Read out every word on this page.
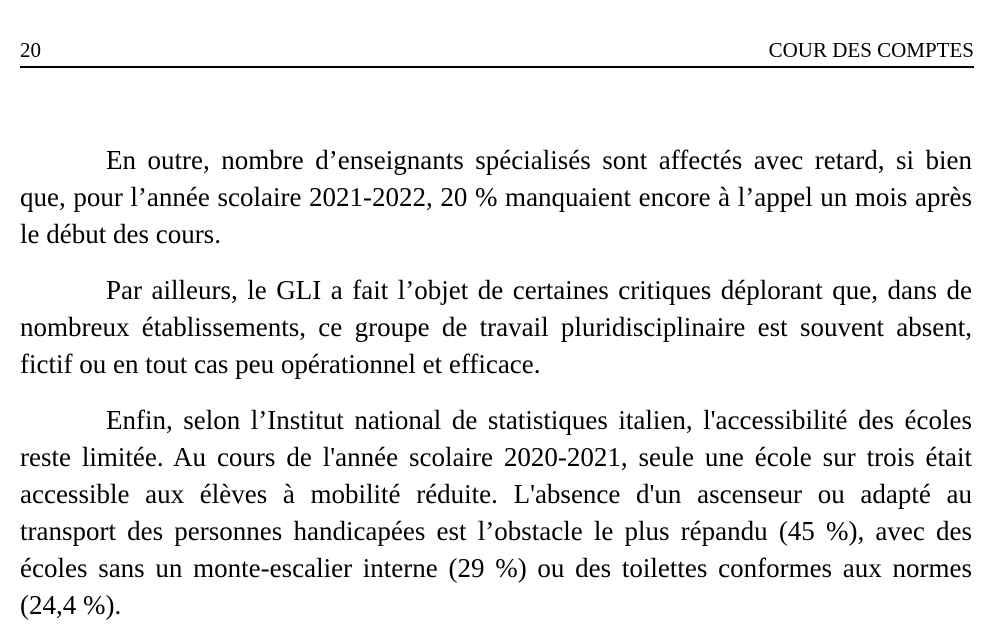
20	COUR DES COMPTES

En outre, nombre d’enseignants spécialisés sont affectés avec retard, si bien que, pour l’année scolaire 2021-2022, 20 % manquaient encore à l’appel un mois après le début des cours.

Par ailleurs, le GLI a fait l’objet de certaines critiques déplorant que, dans de nombreux établissements, ce groupe de travail pluridisciplinaire est souvent absent, fictif ou en tout cas peu opérationnel et efficace.

Enfin, selon l’Institut national de statistiques italien, l'accessibilité des écoles reste limitée. Au cours de l'année scolaire 2020-2021, seule une école sur trois était accessible aux élèves à mobilité réduite. L'absence d'un ascenseur ou adapté au transport des personnes handicapées est l’obstacle le plus répandu (45 %), avec des écoles sans un monte-escalier interne (29 %) ou des toilettes conformes aux normes (24,4 %).
